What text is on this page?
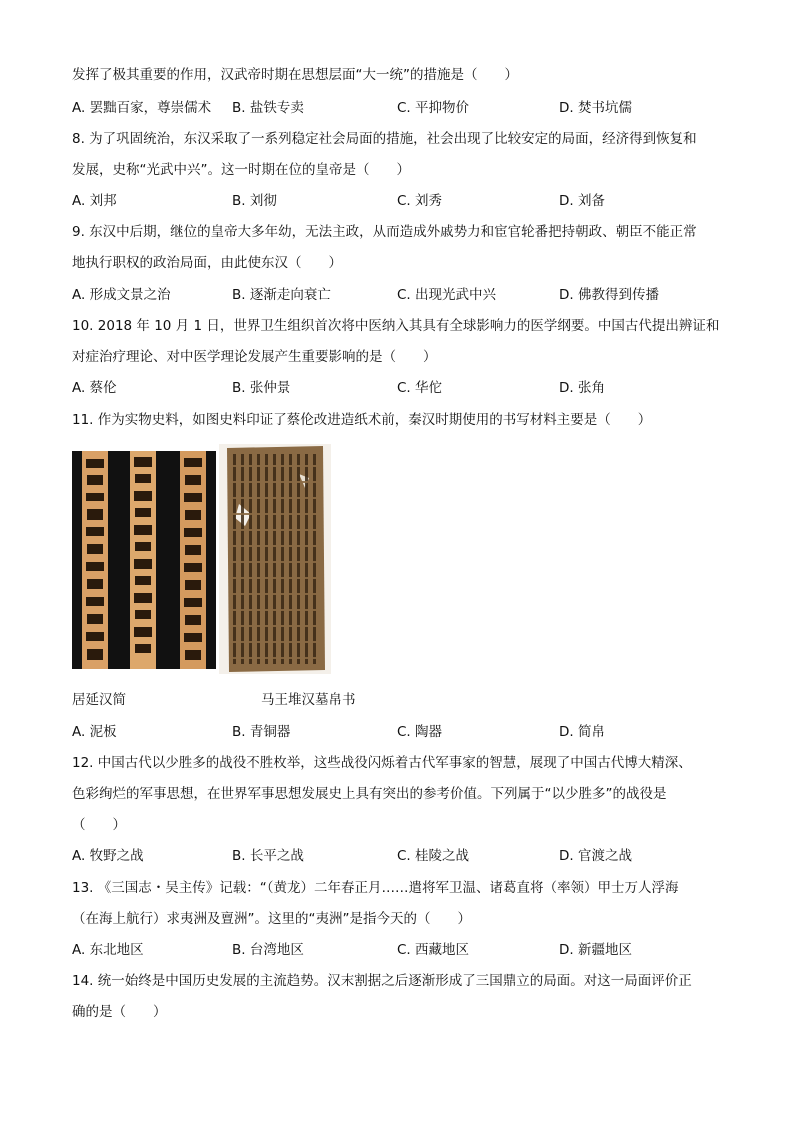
发挥了极其重要的作用，汉武帝时期在思想层面“大一统”的措施是（　　）
A. 罢黜百家，尊崇儒术 B. 盐铁专卖	C. 平抑物价	D. 焚书坑儒
8. 为了巩固统治，东汉采取了一系列稳定社会局面的措施，社会出现了比较安定的局面，经济得到恢复和
发展，史称“光武中兴”。这一时期在位的皇帝是（　　）
A. 刘邦	B. 刘彻	C. 刘秀	D. 刘备
9. 东汉中后期，继位的皇帝大多年幼，无法主政，从而造成外戚势力和宦官轮番把持朝政、朝臣不能正常
地执行职权的政治局面，由此使东汉（　　）
A. 形成文景之治	B. 逐渐走向衰亡	C. 出现光武中兴	D. 佛教得到传播
10. 2018 年 10 月 1 日，世界卫生组织首次将中医纳入其具有全球影响力的医学纲要。中国古代提出辨证和
对症治疗理论、对中医学理论发展产生重要影响的是（　　）
A. 蔡伦	B. 张仲景	C. 华佗	D. 张角
11. 作为实物史料，如图史料印证了蔡伦改进造纸术前，秦汉时期使用的书写材料主要是（　　）
居延汉简	马王堆汉墓帛书
A. 泥板	B. 青铜器	C. 陶器	D. 简帛
12. 中国古代以少胜多的战役不胜枚举，这些战役闪烁着古代军事家的智慧，展现了中国古代博大精深、
色彩绚烂的军事思想，在世界军事思想发展史上具有突出的参考价值。下列属于“以少胜多”的战役是
（　　）
A. 牧野之战	B. 长平之战	C. 桂陵之战	D. 官渡之战
13. 《三国志・吴主传》记载：“（黄龙）二年春正月……遣将军卫温、诸葛直将（率领）甲士万人浮海
（在海上航行）求夷洲及亶洲”。这里的“夷洲”是指今天的（　　）
A. 东北地区	B. 台湾地区	C. 西藏地区	D. 新疆地区
14. 统一始终是中国历史发展的主流趋势。汉末割据之后逐渐形成了三国鼎立的局面。对这一局面评价正
确的是（　　）
